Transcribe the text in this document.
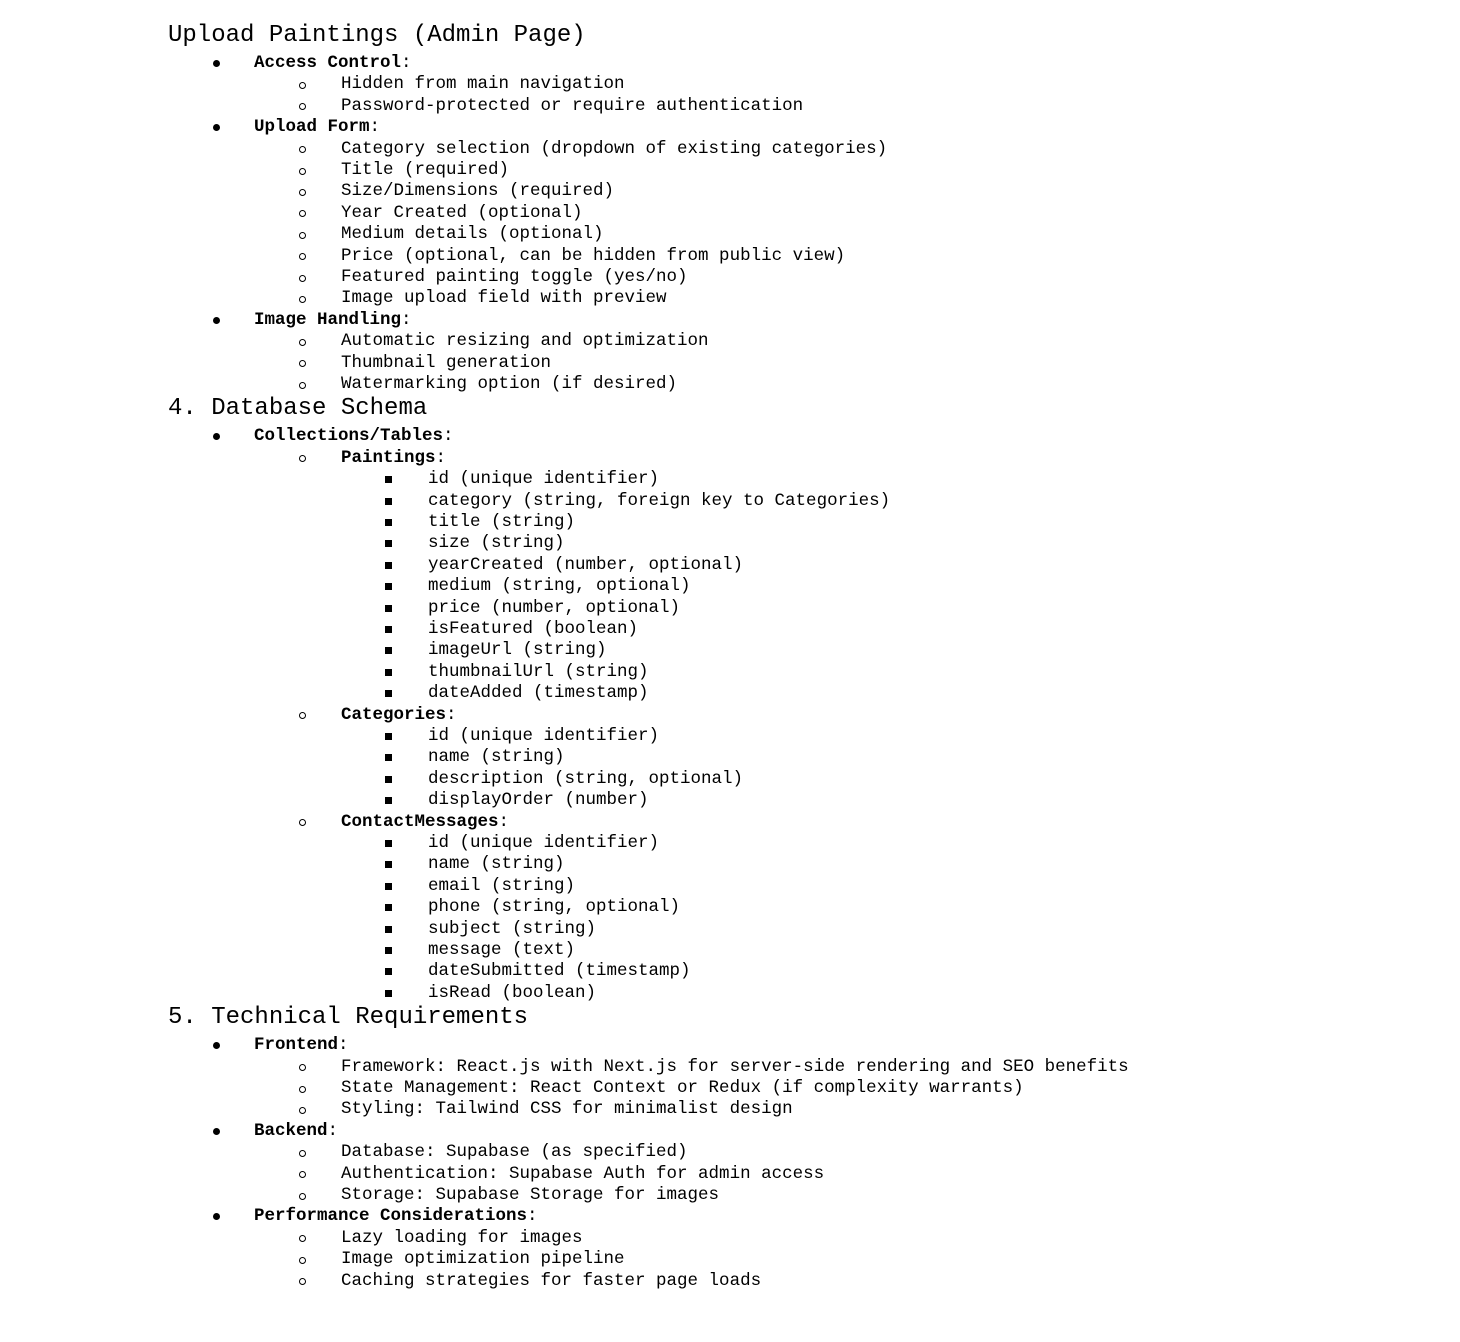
Upload Paintings (Admin Page)
Access Control:
Hidden from main navigation
Password-protected or require authentication
Upload Form:
Category selection (dropdown of existing categories)
Title (required)
Size/Dimensions (required)
Year Created (optional)
Medium details (optional)
Price (optional, can be hidden from public view)
Featured painting toggle (yes/no)
Image upload field with preview
Image Handling:
Automatic resizing and optimization
Thumbnail generation
Watermarking option (if desired)
4. Database Schema
Collections/Tables:
Paintings:
id (unique identifier)
category (string, foreign key to Categories)
title (string)
size (string)
yearCreated (number, optional)
medium (string, optional)
price (number, optional)
isFeatured (boolean)
imageUrl (string)
thumbnailUrl (string)
dateAdded (timestamp)
Categories:
id (unique identifier)
name (string)
description (string, optional)
displayOrder (number)
ContactMessages:
id (unique identifier)
name (string)
email (string)
phone (string, optional)
subject (string)
message (text)
dateSubmitted (timestamp)
isRead (boolean)
5. Technical Requirements
Frontend:
Framework: React.js with Next.js for server-side rendering and SEO benefits
State Management: React Context or Redux (if complexity warrants)
Styling: Tailwind CSS for minimalist design
Backend:
Database: Supabase (as specified)
Authentication: Supabase Auth for admin access
Storage: Supabase Storage for images
Performance Considerations:
Lazy loading for images
Image optimization pipeline
Caching strategies for faster page loads
